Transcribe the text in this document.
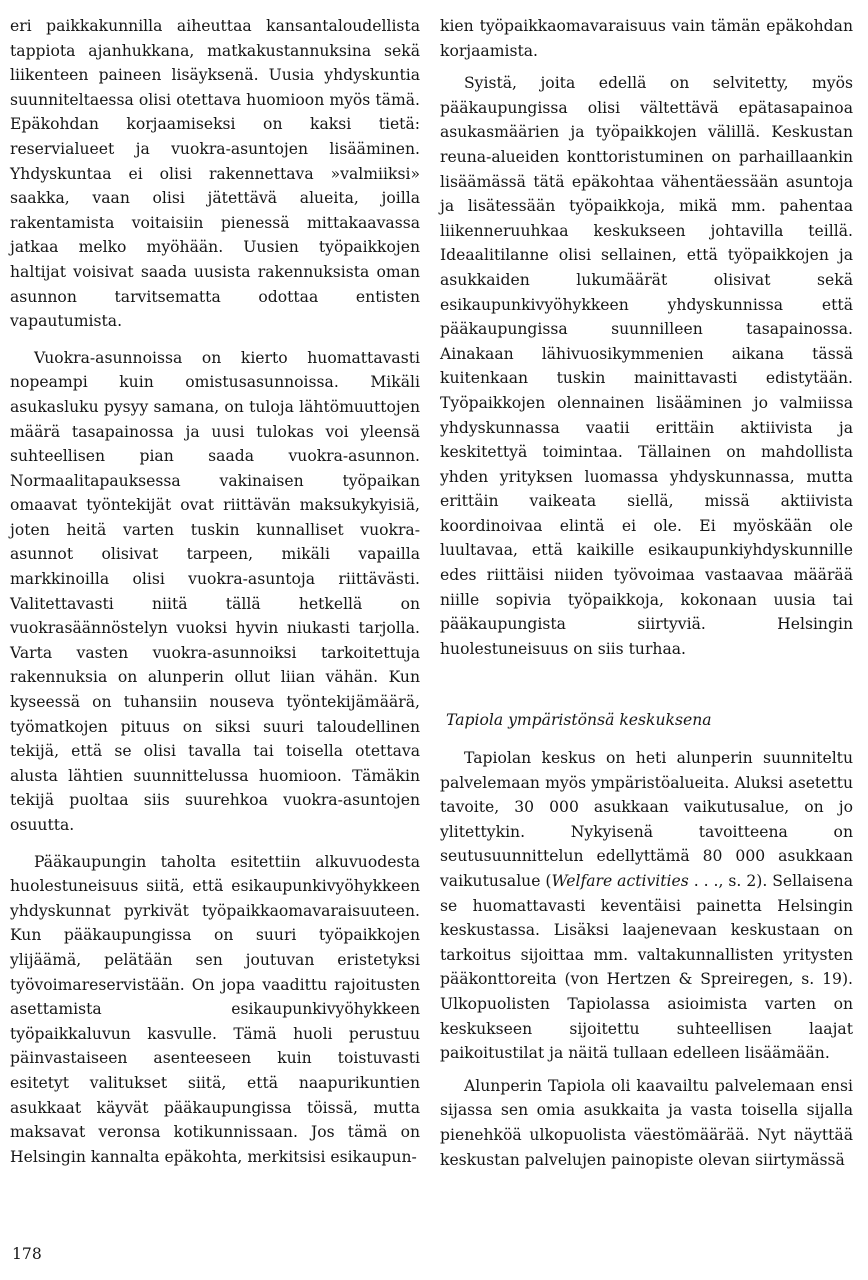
eri paikkakunnilla aiheuttaa kansantaloudellista tappiota ajanhukkana, matkakustannuksina sekä liikenteen paineen lisäyksenä. Uusia yhdyskuntia suunniteltaessa olisi otettava huomioon myös tämä. Epäkohdan korjaamiseksi on kaksi tietä: reservialueet ja vuokra-asuntojen lisääminen. Yhdyskuntaa ei olisi rakennettava »valmiiksi» saakka, vaan olisi jätettävä alueita, joilla rakentamista voitaisiin pienessä mittakaavassa jatkaa melko myöhään. Uusien työpaikkojen haltijat voisivat saada uusista rakennuksista oman asunnon tarvitsematta odottaa entisten vapautumista.

Vuokra-asunnoissa on kierto huomattavasti nopeampi kuin omistusasunnoissa. Mikäli asukasluku pysyy samana, on tuloja lähtömuuttojen määrä tasapainossa ja uusi tulokas voi yleensä suhteellisen pian saada vuokra-asunnon. Normaalitapauksessa vakinaisen työpaikan omaavat työntekijät ovat riittävän maksukykyisiä, joten heitä varten tuskin kunnalliset vuokra-asunnot olisivat tarpeen, mikäli vapailla markkinoilla olisi vuokra-asuntoja riittävästi. Valitettavasti niitä tällä hetkellä on vuokrasäännöstelyn vuoksi hyvin niukasti tarjolla. Varta vasten vuokra-asunnoiksi tarkoitettuja rakennuksia on alunperin ollut liian vähän. Kun kyseessä on tuhansiin nouseva työntekijämäärä, työmatkojen pituus on siksi suuri taloudellinen tekijä, että se olisi tavalla tai toisella otettava alusta lähtien suunnittelussa huomioon. Tämäkin tekijä puoltaa siis suurehkoa vuokra-asuntojen osuutta.

Pääkaupungin taholta esitettiin alkuvuodesta huolestuneisuus siitä, että esikaupunkivyöhykkeen yhdyskunnat pyrkivät työpaikkaomavaraisuuteen. Kun pääkaupungissa on suuri työpaikkojen ylijäämä, pelätään sen joutuvan eristetyksi työvoimareservistään. On jopa vaadittu rajoitusten asettamista esikaupunkivyöhykkeen työpaikkaluvun kasvulle. Tämä huoli perustuu päinvastaiseen asenteeseen kuin toistuvasti esitetyt valitukset siitä, että naapurikuntien asukkaat käyvät pääkaupungissa töissä, mutta maksavat veronsa kotikunnissaan. Jos tämä on Helsingin kannalta epäkohta, merkitsisi esikaupun-

kien työpaikkaomavaraisuus vain tämän epäkohdan korjaamista.

Syistä, joita edellä on selvitetty, myös pääkaupungissa olisi vältettävä epätasapainoa asukasmäärien ja työpaikkojen välillä. Keskustan reuna-alueiden konttoristuminen on parhaillaankin lisäämässä tätä epäkohtaa vähentäessään asuntoja ja lisätessään työpaikkoja, mikä mm. pahentaa liikenneruuhkaa keskukseen johtavilla teillä. Ideaalitilanne olisi sellainen, että työpaikkojen ja asukkaiden lukumäärät olisivat sekä esikaupunkivyöhykkeen yhdyskunnissa että pääkaupungissa suunnilleen tasapainossa. Ainakaan lähivuosikymmenien aikana tässä kuitenkaan tuskin mainittavasti edistytään. Työpaikkojen olennainen lisääminen jo valmiissa yhdyskunnassa vaatii erittäin aktiivista ja keskitettyä toimintaa. Tällainen on mahdollista yhden yrityksen luomassa yhdyskunnassa, mutta erittäin vaikeata siellä, missä aktiivista koordinoivaa elintä ei ole. Ei myöskään ole luultavaa, että kaikille esikaupunkiyhdyskunnille edes riittäisi niiden työvoimaa vastaavaa määrää niille sopivia työpaikkoja, kokonaan uusia tai pääkaupungista siirtyviä. Helsingin huolestuneisuus on siis turhaa.

Tapiola ympäristönsä keskuksena

Tapiolan keskus on heti alunperin suunniteltu palvelemaan myös ympäristöalueita. Aluksi asetettu tavoite, 30 000 asukkaan vaikutusalue, on jo ylitettykin. Nykyisenä tavoitteena on seutusuunnittelun edellyttämä 80 000 asukkaan vaikutusalue (Welfare activities . . ., s. 2). Sellaisena se huomattavasti keventäisi painetta Helsingin keskustassa. Lisäksi laajenevaan keskustaan on tarkoitus sijoittaa mm. valtakunnallisten yritysten pääkonttoreita (von Hertzen & Spreiregen, s. 19). Ulkopuolisten Tapiolassa asioimista varten on keskukseen sijoitettu suhteellisen laajat paikoitustilat ja näitä tullaan edelleen lisäämään.

Alunperin Tapiola oli kaavailtu palvelemaan ensi sijassa sen omia asukkaita ja vasta toisella sijalla pienehköä ulkopuolista väestömäärää. Nyt näyttää keskustan palvelujen painopiste olevan siirtymässä

178
